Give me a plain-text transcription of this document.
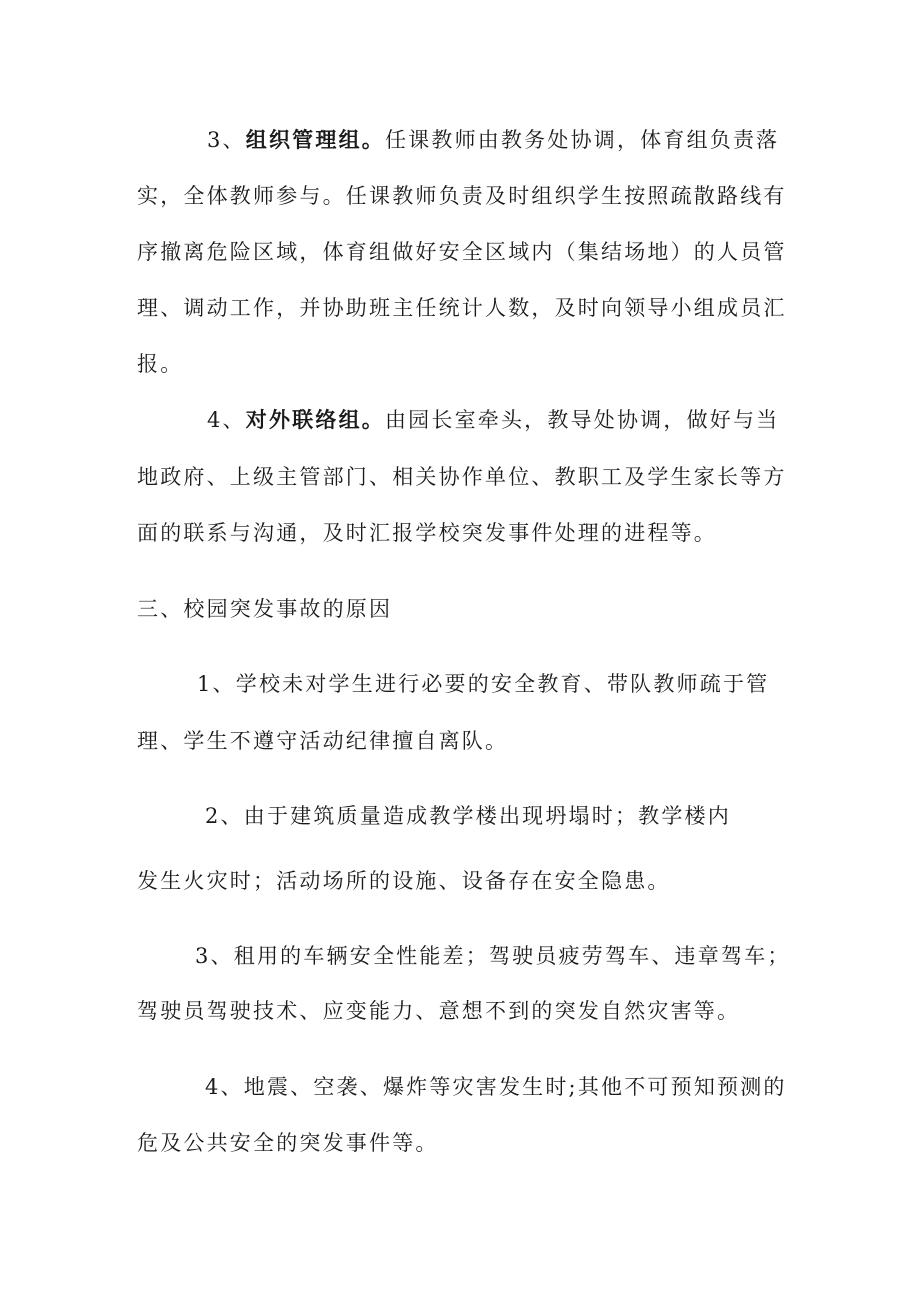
3、组织管理组。任课教师由教务处协调，体育组负责落
实，全体教师参与。任课教师负责及时组织学生按照疏散路线有
序撤离危险区域，体育组做好安全区域内（集结场地）的人员管
理、调动工作，并协助班主任统计人数，及时向领导小组成员汇
报。
4、对外联络组。由园长室牵头，教导处协调，做好与当
地政府、上级主管部门、相关协作单位、教职工及学生家长等方
面的联系与沟通，及时汇报学校突发事件处理的进程等。
三、校园突发事故的原因
1、学校未对学生进行必要的安全教育、带队教师疏于管
理、学生不遵守活动纪律擅自离队。
2、由于建筑质量造成教学楼出现坍塌时；教学楼内
发生火灾时；活动场所的设施、设备存在安全隐患。
3、租用的车辆安全性能差；驾驶员疲劳驾车、违章驾车；
驾驶员驾驶技术、应变能力、意想不到的突发自然灾害等。
4、地震、空袭、爆炸等灾害发生时;其他不可预知预测的
危及公共安全的突发事件等。
